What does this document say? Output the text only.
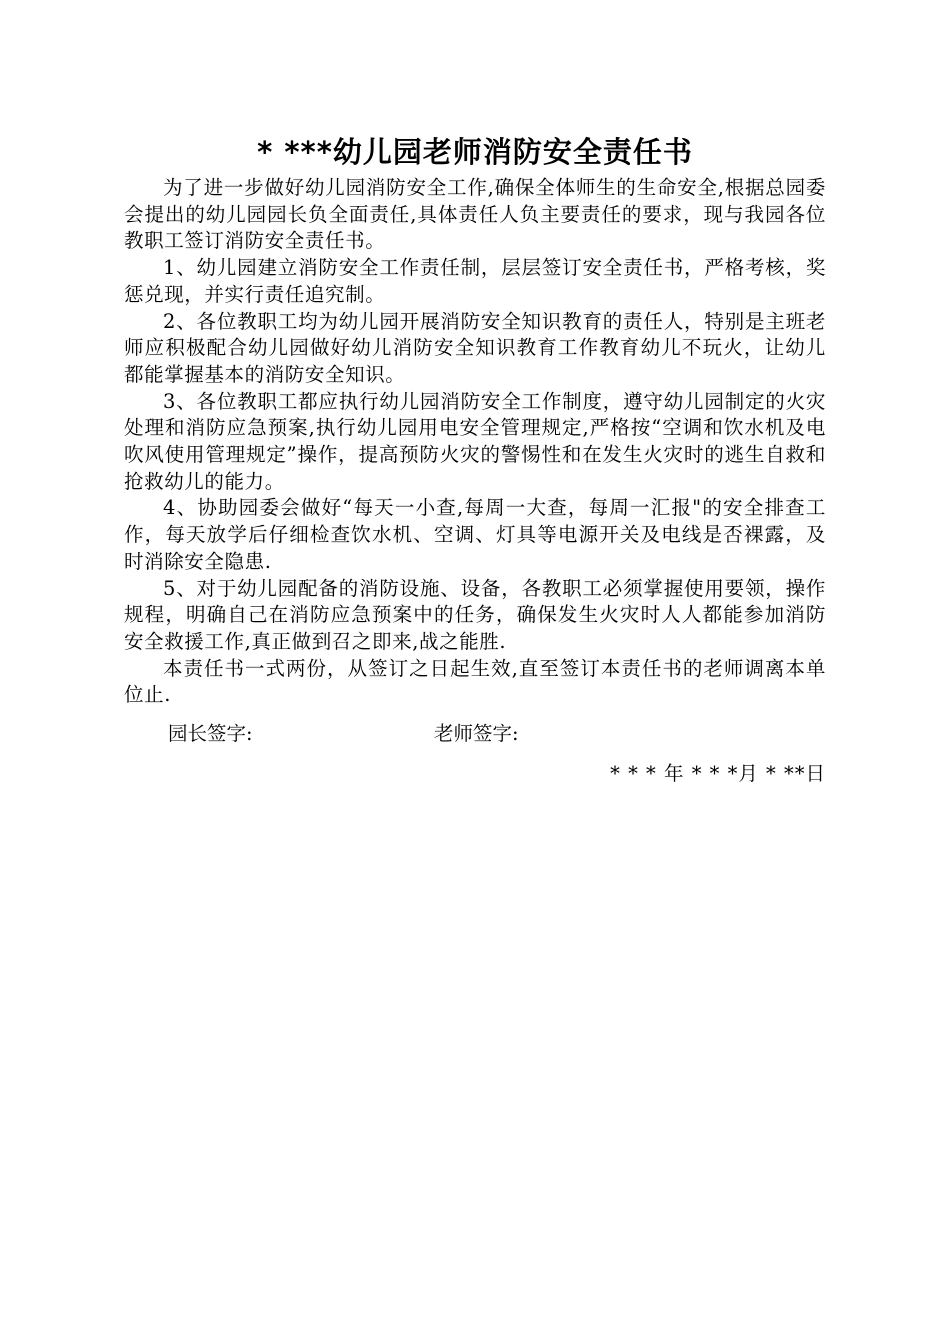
* ***幼儿园老师消防安全责任书

为了进一步做好幼儿园消防安全工作,确保全体师生的生命安全,根据总园委会提出的幼儿园园长负全面责任,具体责任人负主要责任的要求，现与我园各位教职工签订消防安全责任书。

1、幼儿园建立消防安全工作责任制，层层签订安全责任书，严格考核，奖惩兑现，并实行责任追究制。

2、各位教职工均为幼儿园开展消防安全知识教育的责任人，特别是主班老师应积极配合幼儿园做好幼儿消防安全知识教育工作教育幼儿不玩火，让幼儿都能掌握基本的消防安全知识。

3、各位教职工都应执行幼儿园消防安全工作制度，遵守幼儿园制定的火灾处理和消防应急预案,执行幼儿园用电安全管理规定,严格按“空调和饮水机及电吹风使用管理规定”操作，提高预防火灾的警惕性和在发生火灾时的逃生自救和抢救幼儿的能力。

4、协助园委会做好“每天一小查,每周一大查，每周一汇报"的安全排查工作，每天放学后仔细检查饮水机、空调、灯具等电源开关及电线是否裸露，及时消除安全隐患.

5、对于幼儿园配备的消防设施、设备，各教职工必须掌握使用要领，操作规程，明确自己在消防应急预案中的任务，确保发生火灾时人人都能参加消防安全救援工作,真正做到召之即来,战之能胜.

本责任书一式两份，从签订之日起生效,直至签订本责任书的老师调离本单位止.

园长签字:	老师签字:
* * * 年 * * *月 * **日
